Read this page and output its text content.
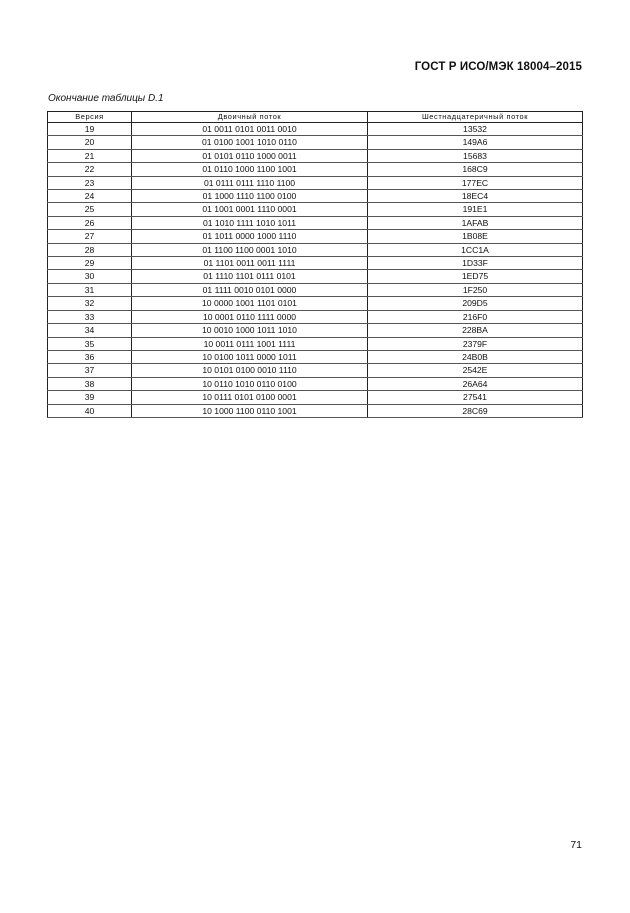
ГОСТ Р ИСО/МЭК 18004–2015
Окончание таблицы D.1
Версия	Двоичный поток	Шестнадцатеричный поток
19	01 0011 0101 0011 0010	13532
20	01 0100 1001 1010 0110	149A6
21	01 0101 0110 1000 0011	15683
22	01 0110 1000 1100 1001	168C9
23	01 0111 0111 1110 1100	177EC
24	01 1000 1110 1100 0100	18EC4
25	01 1001 0001 1110 0001	191E1
26	01 1010 1111 1010 1011	1AFAB
27	01 1011 0000 1000 1110	1B08E
28	01 1100 1100 0001 1010	1CC1A
29	01 1101 0011 0011 1111	1D33F
30	01 1110 1101 0111 0101	1ED75
31	01 1111 0010 0101 0000	1F250
32	10 0000 1001 1101 0101	209D5
33	10 0001 0110 1111 0000	216F0
34	10 0010 1000 1011 1010	228BA
35	10 0011 0111 1001 1111	2379F
36	10 0100 1011 0000 1011	24B0B
37	10 0101 0100 0010 1110	2542E
38	10 0110 1010 0110 0100	26A64
39	10 0111 0101 0100 0001	27541
40	10 1000 1100 0110 1001	28C69
71
